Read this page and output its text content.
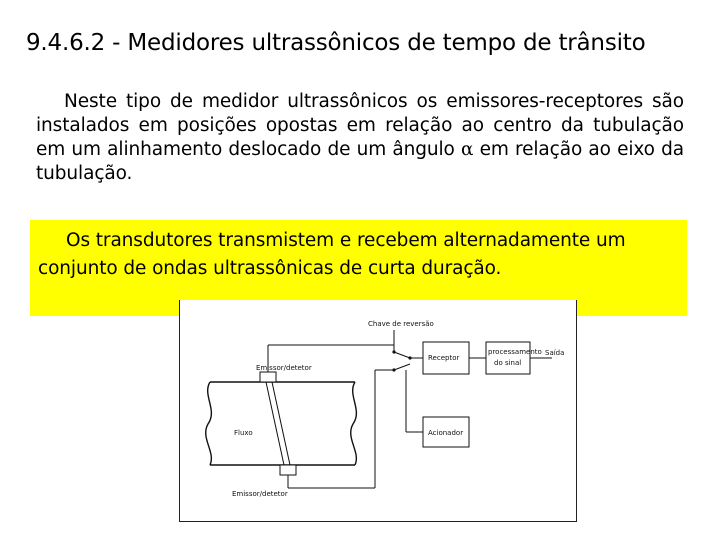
9.4.6.2 - Medidores ultrassônicos de tempo de trânsito
Neste tipo de medidor ultrassônicos os emissores-receptores são instalados em posições opostas em relação ao centro da tubulação em um alinhamento deslocado de um ângulo α em relação ao eixo da tubulação.
Os transdutores transmistem e recebem alternadamente um conjunto de ondas ultrassônicas de curta duração.
Chave de reversão
Receptor
processamento
do sinal
Saída
Emissor/detetor
Fluxo	Acionador
Emissor/detetor
